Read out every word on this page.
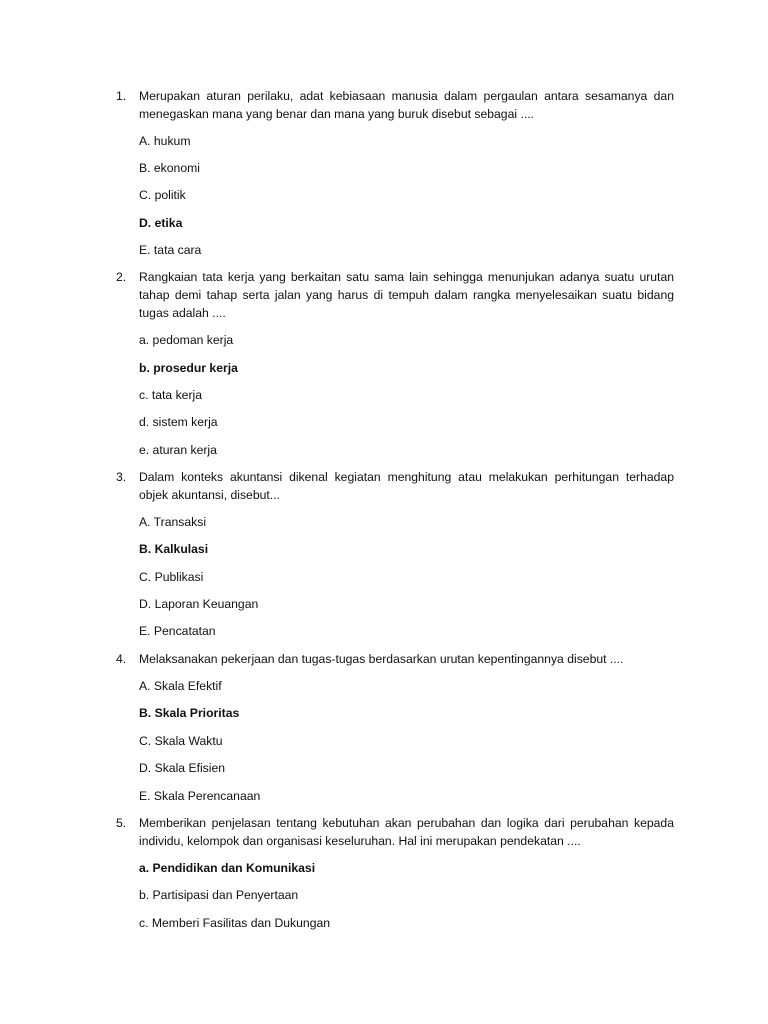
1. Merupakan aturan perilaku, adat kebiasaan manusia dalam pergaulan antara sesamanya dan menegaskan mana yang benar dan mana yang buruk disebut sebagai ....
A. hukum
B. ekonomi
C. politik
D. etika
E. tata cara
2. Rangkaian tata kerja yang berkaitan satu sama lain sehingga menunjukan adanya suatu urutan tahap demi tahap serta jalan yang harus di tempuh dalam rangka menyelesaikan suatu bidang tugas adalah ....
a. pedoman kerja
b. prosedur kerja
c. tata kerja
d. sistem kerja
e. aturan kerja
3. Dalam konteks akuntansi dikenal kegiatan menghitung atau melakukan perhitungan terhadap objek akuntansi, disebut...
A. Transaksi
B. Kalkulasi
C. Publikasi
D. Laporan Keuangan
E. Pencatatan
4. Melaksanakan pekerjaan dan tugas-tugas berdasarkan urutan kepentingannya disebut ....
A. Skala Efektif
B. Skala Prioritas
C. Skala Waktu
D. Skala Efisien
E. Skala Perencanaan
5. Memberikan penjelasan tentang kebutuhan akan perubahan dan logika dari perubahan kepada individu, kelompok dan organisasi keseluruhan. Hal ini merupakan pendekatan ....
a. Pendidikan dan Komunikasi
b. Partisipasi dan Penyertaan
c. Memberi Fasilitas dan Dukungan
